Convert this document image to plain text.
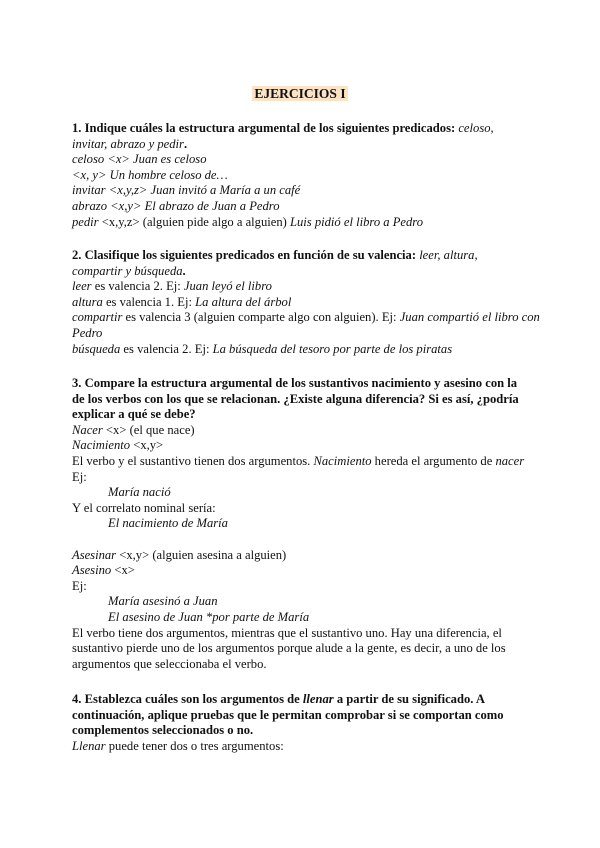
EJERCICIOS I

1. Indique cuáles la estructura argumental de los siguientes predicados: celoso,

invitar, abrazo y pedir.

celoso <x> Juan es celoso

<x, y> Un hombre celoso de…

invitar <x,y,z> Juan invitó a María a un café

abrazo <x,y> El abrazo de Juan a Pedro

pedir <x,y,z> (alguien pide algo a alguien) Luis pidió el libro a Pedro

2. Clasifique los siguientes predicados en función de su valencia: leer, altura,

compartir y búsqueda.

leer es valencia 2. Ej: Juan leyó el libro

altura es valencia 1. Ej: La altura del árbol

compartir es valencia 3 (alguien comparte algo con alguien). Ej: Juan compartió el libro con

Pedro

búsqueda es valencia 2. Ej: La búsqueda del tesoro por parte de los piratas

3. Compare la estructura argumental de los sustantivos nacimiento y asesino con la

de los verbos con los que se relacionan. ¿Existe alguna diferencia? Si es así, ¿podría

explicar a qué se debe?

Nacer <x> (el que nace)

Nacimiento <x,y>

El verbo y el sustantivo tienen dos argumentos. Nacimiento hereda el argumento de nacer

Ej:

María nació

Y el correlato nominal sería:

El nacimiento de María

Asesinar <x,y> (alguien asesina a alguien)

Asesino <x>

Ej:

María asesinó a Juan

El asesino de Juan *por parte de María

El verbo tiene dos argumentos, mientras que el sustantivo uno. Hay una diferencia, el

sustantivo pierde uno de los argumentos porque alude a la gente, es decir, a uno de los

argumentos que seleccionaba el verbo.

4. Establezca cuáles son los argumentos de llenar a partir de su significado. A

continuación, aplique pruebas que le permitan comprobar si se comportan como

complementos seleccionados o no.

Llenar puede tener dos o tres argumentos:
